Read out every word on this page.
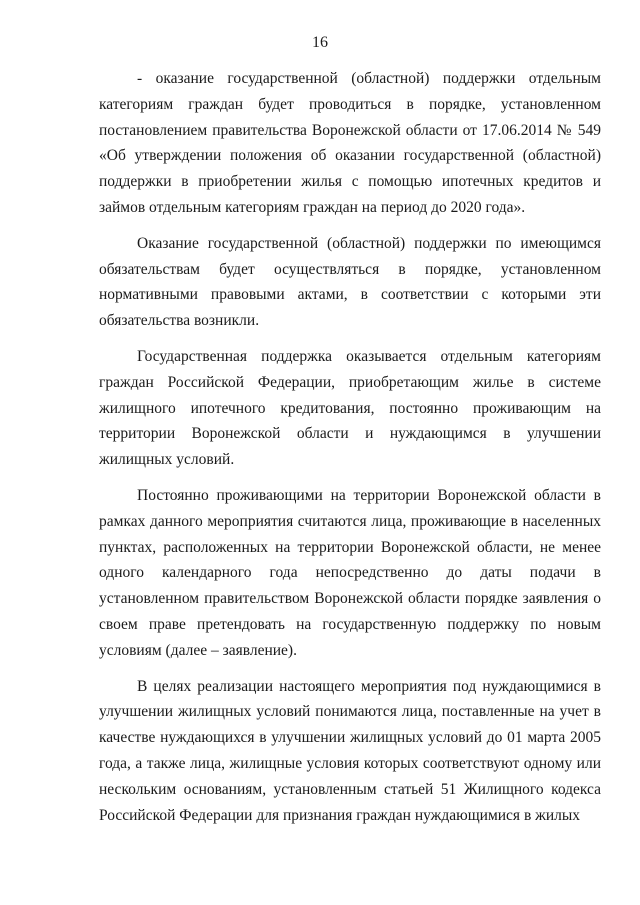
16

- оказание государственной (областной) поддержки отдельным категориям граждан будет проводиться в порядке, установленном постановлением правительства Воронежской области от 17.06.2014 № 549 «Об утверждении положения об оказании государственной (областной) поддержки в приобретении жилья с помощью ипотечных кредитов и займов отдельным категориям граждан на период до 2020 года».

Оказание государственной (областной) поддержки по имеющимся обязательствам будет осуществляться в порядке, установленном нормативными правовыми актами, в соответствии с которыми эти обязательства возникли.

Государственная поддержка оказывается отдельным категориям граждан Российской Федерации, приобретающим жилье в системе жилищного ипотечного кредитования, постоянно проживающим на территории Воронежской области и нуждающимся в улучшении жилищных условий.

Постоянно проживающими на территории Воронежской области в рамках данного мероприятия считаются лица, проживающие в населенных пунктах, расположенных на территории Воронежской области, не менее одного календарного года непосредственно до даты подачи в установленном правительством Воронежской области порядке заявления о своем праве претендовать на государственную поддержку по новым условиям (далее – заявление).

В целях реализации настоящего мероприятия под нуждающимися в улучшении жилищных условий понимаются лица, поставленные на учет в качестве нуждающихся в улучшении жилищных условий до 01 марта 2005 года, а также лица, жилищные условия которых соответствуют одному или нескольким основаниям, установленным статьей 51 Жилищного кодекса Российской Федерации для признания граждан нуждающимися в жилых
